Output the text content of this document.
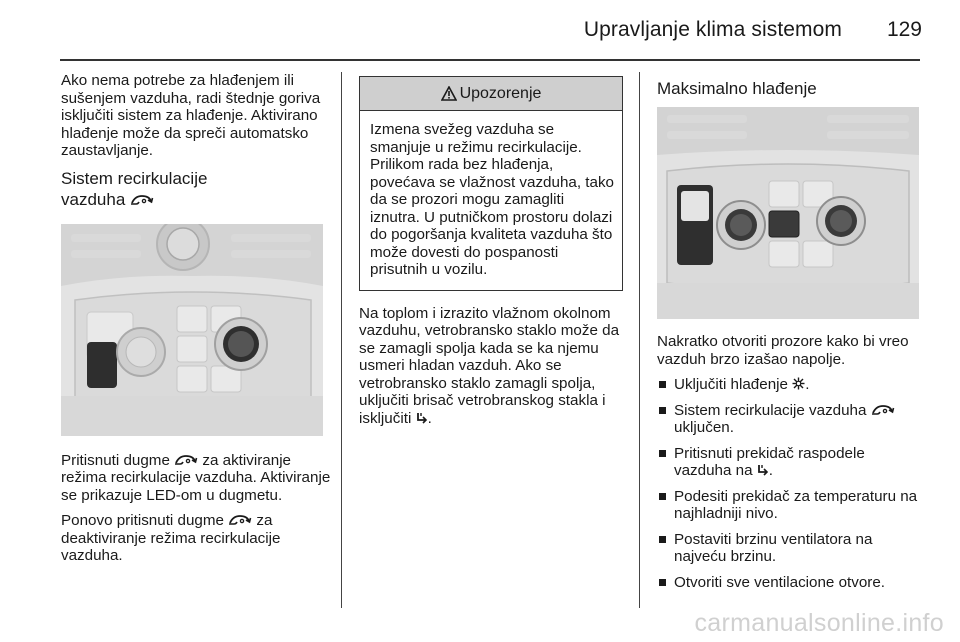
Upravljanje klima sistemom 129

Ako nema potrebe za hlađenjem ili sušenjem vazduha, radi štednje goriva isključiti sistem za hlađenje. Aktivirano hlađenje može da spreči automatsko zaustavljanje.

Sistem recirkulacije
vazduha

Pritisnuti dugme za aktiviranje režima recirkulacije vazduha. Aktiviranje se prikazuje LED-om u dugmetu.

Ponovo pritisnuti dugme za deaktiviranje režima recirkulacije vazduha.

Upozorenje
Izmena svežeg vazduha se smanjuje u režimu recirkulacije. Prilikom rada bez hlađenja, povećava se vlažnost vazduha, tako da se prozori mogu zamagliti iznutra. U putničkom prostoru dolazi do pogoršanja kvaliteta vazduha što može dovesti do pospanosti prisutnih u vozilu.

Na toplom i izrazito vlažnom okolnom vazduhu, vetrobransko staklo može da se zamagli spolja kada se ka njemu usmeri hladan vazduh. Ako se vetrobransko staklo zamagli spolja, uključiti brisač vetrobranskog stakla i isključiti .

Maksimalno hlađenje

Nakratko otvoriti prozore kako bi vreo vazduh brzo izašao napolje.

Uključiti hlađenje .
Sistem recirkulacije vazduha
uključen.
Pritisnuti prekidač raspodele vazduha na .
Podesiti prekidač za temperaturu na najhladniji nivo.
Postaviti brzinu ventilatora na najveću brzinu.
Otvoriti sve ventilacione otvore.
carmanualsonline.info
